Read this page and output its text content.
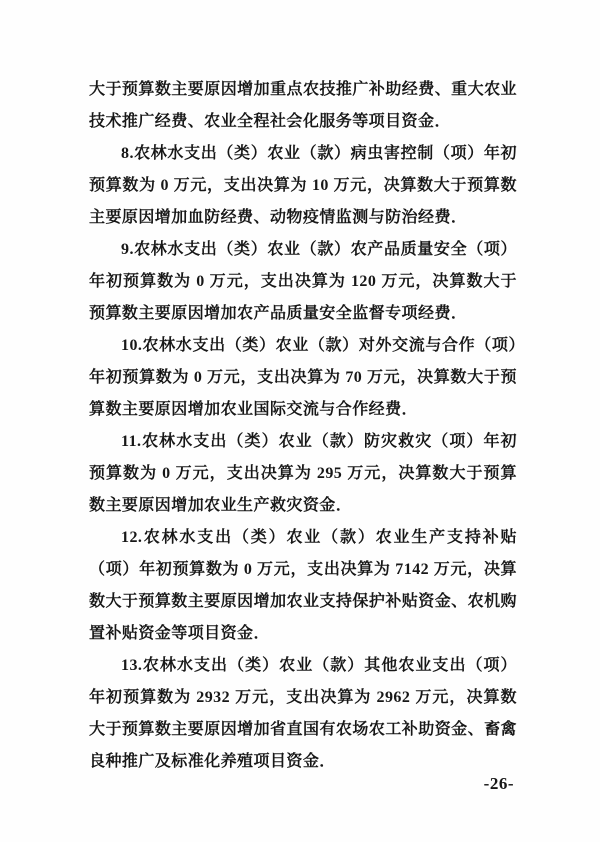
大于预算数主要原因增加重点农技推广补助经费、重大农业技术推广经费、农业全程社会化服务等项目资金．

8.农林水支出（类）农业（款）病虫害控制（项）年初预算数为 0 万元，支出决算为 10 万元，决算数大于预算数主要原因增加血防经费、动物疫情监测与防治经费．

9.农林水支出（类）农业（款）农产品质量安全（项）年初预算数为 0 万元，支出决算为 120 万元，决算数大于预算数主要原因增加农产品质量安全监督专项经费．

10.农林水支出（类）农业（款）对外交流与合作（项）年初预算数为 0 万元，支出决算为 70 万元，决算数大于预算数主要原因增加农业国际交流与合作经费．

11.农林水支出（类）农业（款）防灾救灾（项）年初预算数为 0 万元，支出决算为 295 万元，决算数大于预算数主要原因增加农业生产救灾资金．

12.农林水支出（类）农业（款）农业生产支持补贴（项）年初预算数为 0 万元，支出决算为 7142 万元，决算数大于预算数主要原因增加农业支持保护补贴资金、农机购置补贴资金等项目资金．

13.农林水支出（类）农业（款）其他农业支出（项）年初预算数为 2932 万元，支出决算为 2962 万元，决算数大于预算数主要原因增加省直国有农场农工补助资金、畜禽良种推广及标准化养殖项目资金．

-26-
